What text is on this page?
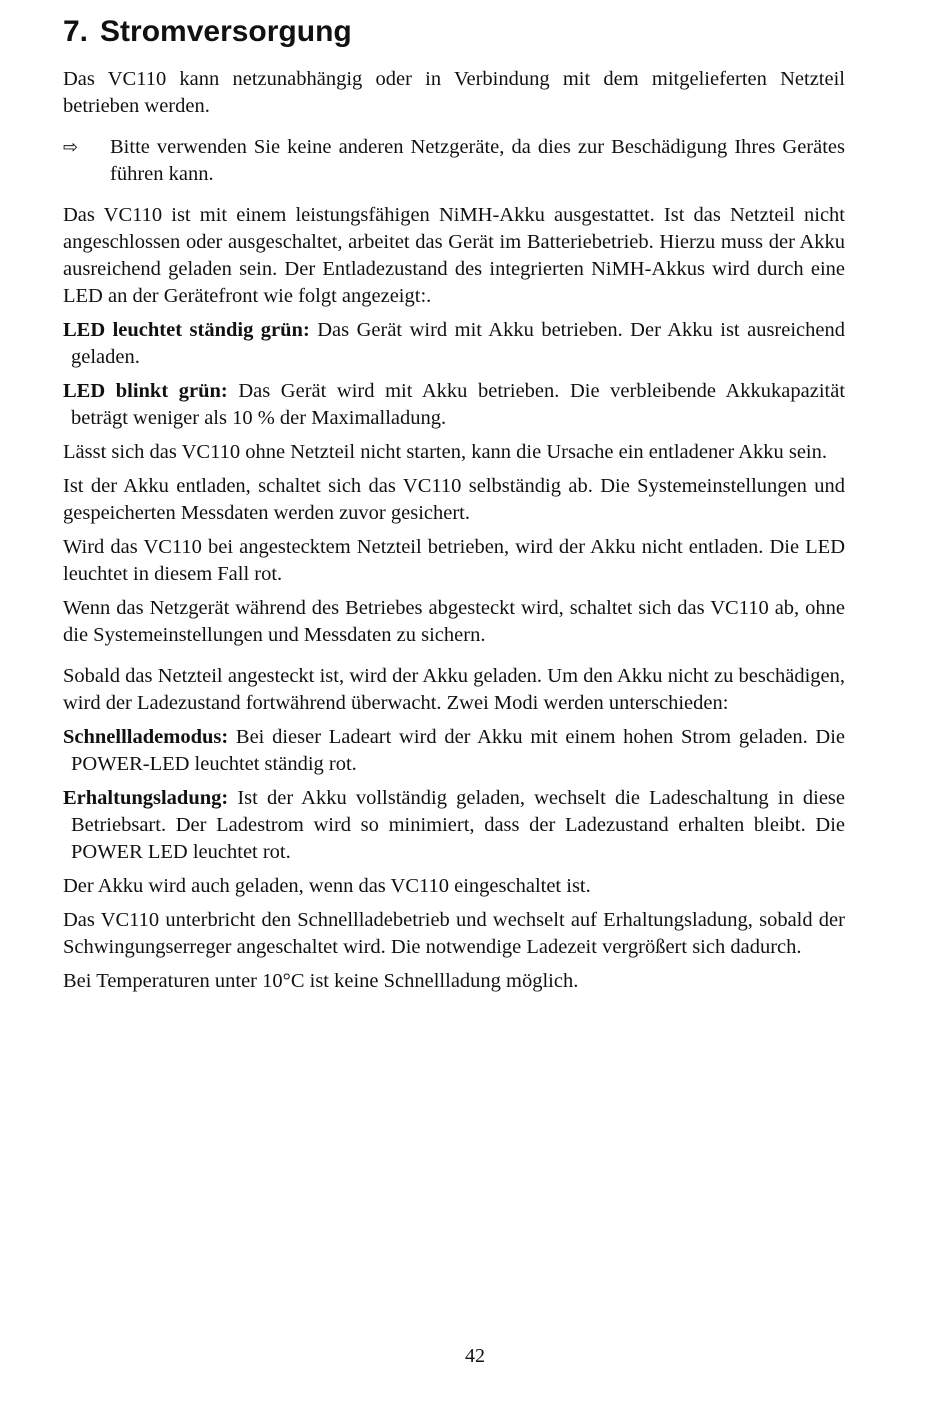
7. Stromversorgung

Das VC110 kann netzunabhängig oder in Verbindung mit dem mitgelieferten Netzteil betrieben werden.

⇨	Bitte verwenden Sie keine anderen Netzgeräte, da dies zur Beschädigung Ihres Gerätes führen kann.

Das VC110 ist mit einem leistungsfähigen NiMH-Akku ausgestattet. Ist das Netzteil nicht angeschlossen oder ausgeschaltet, arbeitet das Gerät im Batteriebetrieb. Hierzu muss der Akku ausreichend geladen sein. Der Entladezustand des integrierten NiMH-Akkus wird durch eine LED an der Gerätefront wie folgt angezeigt:.

LED leuchtet ständig grün: Das Gerät wird mit Akku betrieben. Der Akku ist ausreichend geladen.

LED blinkt grün: Das Gerät wird mit Akku betrieben. Die verbleibende Akkukapazität beträgt weniger als 10 % der Maximalladung.

Lässt sich das VC110 ohne Netzteil nicht starten, kann die Ursache ein entladener Akku sein.

Ist der Akku entladen, schaltet sich das VC110 selbständig ab. Die Systemeinstellungen und gespeicherten Messdaten werden zuvor gesichert.

Wird das VC110 bei angestecktem Netzteil betrieben, wird der Akku nicht entladen. Die LED leuchtet in diesem Fall rot.

Wenn das Netzgerät während des Betriebes abgesteckt wird, schaltet sich das VC110 ab, ohne die Systemeinstellungen und Messdaten zu sichern.

Sobald das Netzteil angesteckt ist, wird der Akku geladen. Um den Akku nicht zu beschädigen, wird der Ladezustand fortwährend überwacht. Zwei Modi werden unterschieden:

Schnelllademodus: Bei dieser Ladeart wird der Akku mit einem hohen Strom geladen. Die POWER-LED leuchtet ständig rot.

Erhaltungsladung: Ist der Akku vollständig geladen, wechselt die Ladeschaltung in diese Betriebsart. Der Ladestrom wird so minimiert, dass der Ladezustand erhalten bleibt. Die POWER LED leuchtet rot.

Der Akku wird auch geladen, wenn das VC110 eingeschaltet ist.

Das VC110 unterbricht den Schnellladebetrieb und wechselt auf Erhaltungsladung, sobald der Schwingungserreger angeschaltet wird. Die notwendige Ladezeit vergrößert sich dadurch.

Bei Temperaturen unter 10°C ist keine Schnellladung möglich.

42
